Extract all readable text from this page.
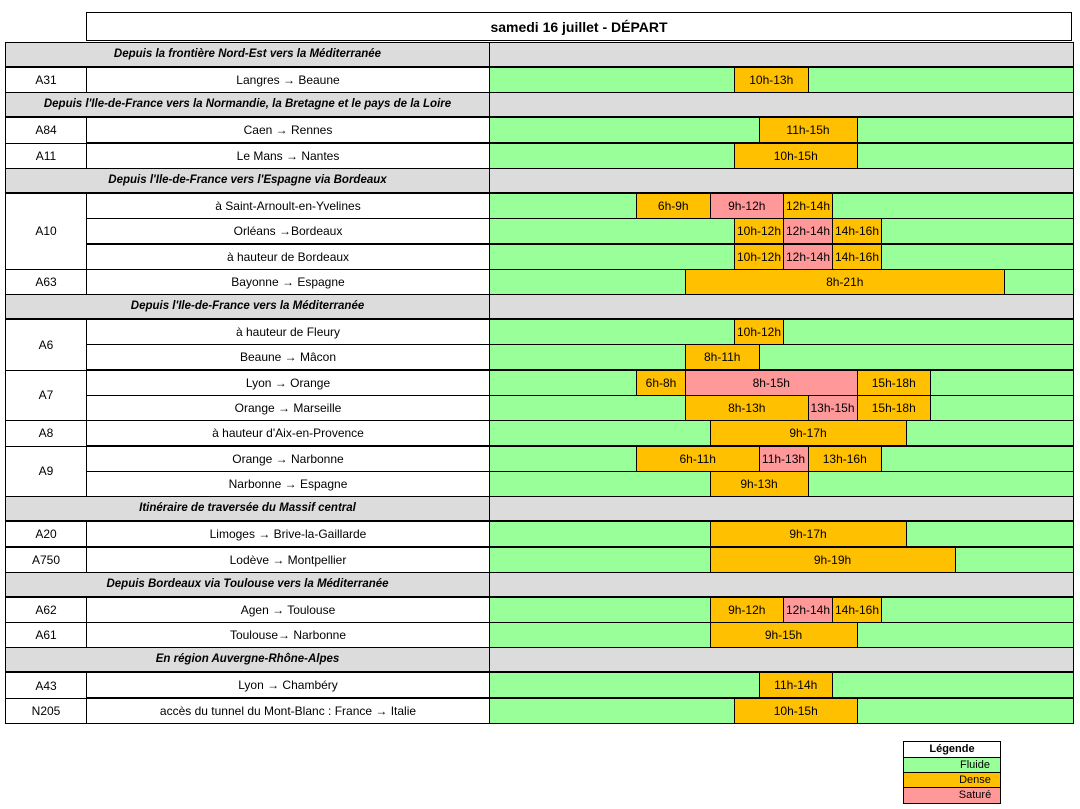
samedi 16 juillet - DÉPART
Depuis la frontière Nord-Est vers la Méditerranée
A31	Langres → Beaune	10h-13h
Depuis l'Ile-de-France vers la Normandie, la Bretagne et le pays de la Loire
A84	Caen → Rennes	11h-15h
A11	Le Mans → Nantes	10h-15h
Depuis l'Ile-de-France vers l'Espagne via Bordeaux
A10
à Saint-Arnoult-en-Yvelines	6h-9h	9h-12h	12h-14h
Orléans →Bordeaux	10h-12h 12h-14h 14h-16h
à hauteur de Bordeaux	10h-12h 12h-14h 14h-16h
A63	Bayonne → Espagne	8h-21h
Depuis l'Ile-de-France vers la Méditerranée
A6
à hauteur de Fleury	10h-12h
Beaune → Mâcon	8h-11h
A7
Lyon → Orange	6h-8h	8h-15h	15h-18h
Orange → Marseille	8h-13h	13h-15h	15h-18h
A8	à hauteur d'Aix-en-Provence	9h-17h
A9
Orange → Narbonne	6h-11h	11h-13h	13h-16h
Narbonne → Espagne	9h-13h
Itinéraire de traversée du Massif central
A20	Limoges → Brive-la-Gaillarde	9h-17h
A750	Lodève → Montpellier	9h-19h
Depuis Bordeaux via Toulouse vers la Méditerranée
A62	Agen → Toulouse	9h-12h	12h-14h 14h-16h
A61	Toulouse→ Narbonne	9h-15h
En région Auvergne-Rhône-Alpes
A43	Lyon → Chambéry	11h-14h
N205	accès du tunnel du Mont-Blanc : France → Italie	10h-15h
Légende
Fluide
Dense
Saturé
